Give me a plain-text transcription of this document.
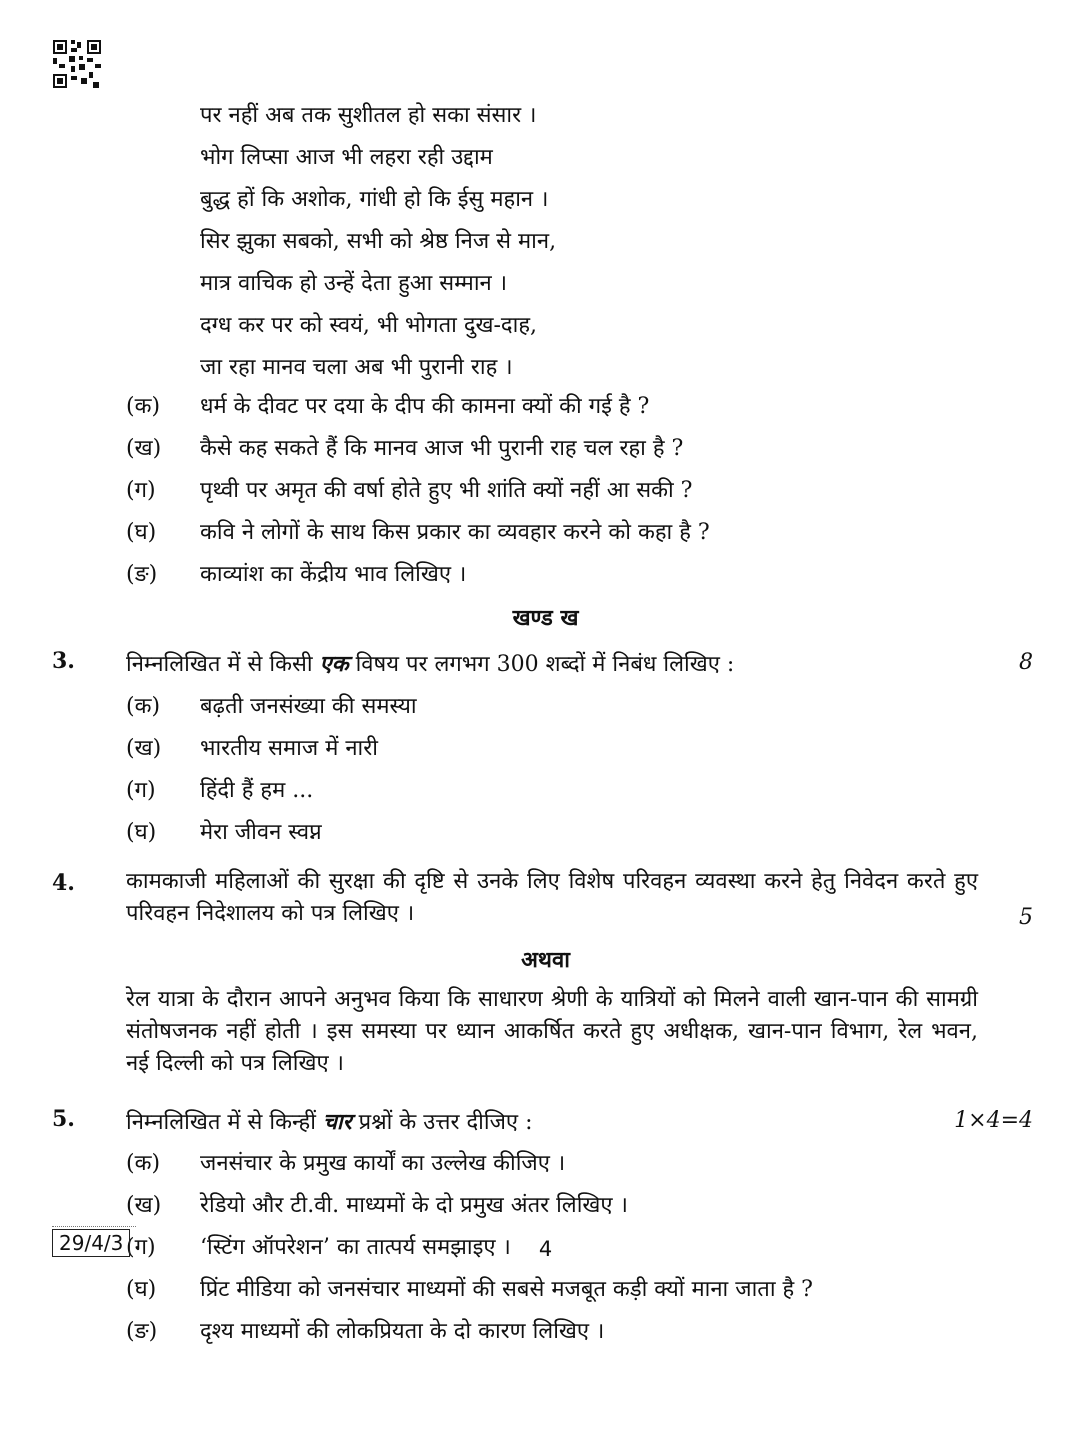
पर नहीं अब तक सुशीतल हो सका संसार ।
भोग लिप्सा आज भी लहरा रही उद्दाम
बुद्ध हों कि अशोक, गांधी हो कि ईसु महान ।
सिर झुका सबको, सभी को श्रेष्ठ निज से मान,
मात्र वाचिक हो उन्हें देता हुआ सम्मान ।
दग्ध कर पर को स्वयं, भी भोगता दुख-दाह,
जा रहा मानव चला अब भी पुरानी राह ।
(क)	धर्म के दीवट पर दया के दीप की कामना क्यों की गई है ?
(ख)	कैसे कह सकते हैं कि मानव आज भी पुरानी राह चल रहा है ?
(ग)	पृथ्वी पर अमृत की वर्षा होते हुए भी शांति क्यों नहीं आ सकी ?
(घ)	कवि ने लोगों के साथ किस प्रकार का व्यवहार करने को कहा है ?
(ङ)	काव्यांश का केंद्रीय भाव लिखिए ।
खण्ड ख
3. निम्नलिखित में से किसी एक विषय पर लगभग 300 शब्दों में निबंध लिखिए :	8
(क)	बढ़ती जनसंख्या की समस्या
(ख)	भारतीय समाज में नारी
(ग)	हिंदी हैं हम ...
(घ)	मेरा जीवन स्वप्न
4. कामकाजी महिलाओं की सुरक्षा की दृष्टि से उनके लिए विशेष परिवहन व्यवस्था करने हेतु निवेदन करते हुए परिवहन निदेशालय को पत्र लिखिए ।	5
अथवा
रेल यात्रा के दौरान आपने अनुभव किया कि साधारण श्रेणी के यात्रियों को मिलने वाली खान-पान की सामग्री संतोषजनक नहीं होती । इस समस्या पर ध्यान आकर्षित करते हुए अधीक्षक, खान-पान विभाग, रेल भवन, नई दिल्ली को पत्र लिखिए ।
5. निम्नलिखित में से किन्हीं चार प्रश्नों के उत्तर दीजिए :	1×4=4
(क)	जनसंचार के प्रमुख कार्यों का उल्लेख कीजिए ।
(ख)	रेडियो और टी.वी. माध्यमों के दो प्रमुख अंतर लिखिए ।
(ग)	‘स्टिंग ऑपरेशन’ का तात्पर्य समझाइए ।
(घ)	प्रिंट मीडिया को जनसंचार माध्यमों की सबसे मजबूत कड़ी क्यों माना जाता है ?
(ङ)	दृश्य माध्यमों की लोकप्रियता के दो कारण लिखिए ।
29/4/3	4
